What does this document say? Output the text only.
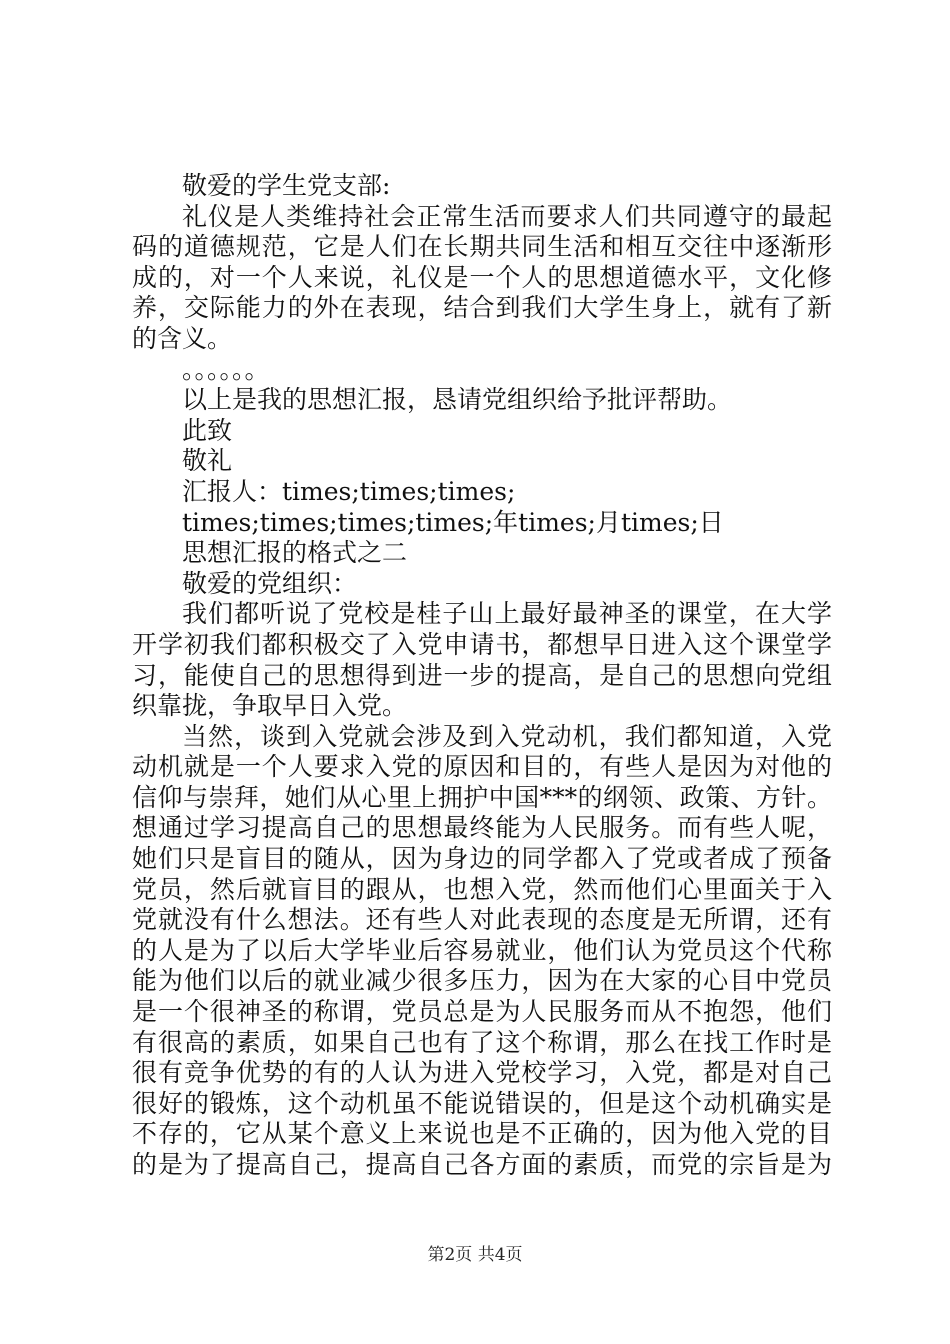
敬爱的学生党支部:
礼仪是人类维持社会正常生活而要求人们共同遵守的最起
码的道德规范，它是人们在长期共同生活和相互交往中逐渐形
成的，对一个人来说，礼仪是一个人的思想道德水平，文化修
养，交际能力的外在表现，结合到我们大学生身上，就有了新
的含义。
。。。。。。
以上是我的思想汇报，恳请党组织给予批评帮助。
此致
敬礼
汇报人：times;times;times;
times;times;times;times;年times;月times;日
思想汇报的格式之二
敬爱的党组织：
我们都听说了党校是桂子山上最好最神圣的课堂，在大学
开学初我们都积极交了入党申请书，都想早日进入这个课堂学
习，能使自己的思想得到进一步的提高，是自己的思想向党组
织靠拢，争取早日入党。
当然，谈到入党就会涉及到入党动机，我们都知道，入党
动机就是一个人要求入党的原因和目的，有些人是因为对他的
信仰与崇拜，她们从心里上拥护中国***的纲领、政策、方针。
想通过学习提高自己的思想最终能为人民服务。而有些人呢，
她们只是盲目的随从，因为身边的同学都入了党或者成了预备
党员，然后就盲目的跟从，也想入党，然而他们心里面关于入
党就没有什么想法。还有些人对此表现的态度是无所谓，还有
的人是为了以后大学毕业后容易就业，他们认为党员这个代称
能为他们以后的就业减少很多压力，因为在大家的心目中党员
是一个很神圣的称谓，党员总是为人民服务而从不抱怨，他们
有很高的素质，如果自己也有了这个称谓，那么在找工作时是
很有竞争优势的有的人认为进入党校学习，入党，都是对自己
很好的锻炼，这个动机虽不能说错误的，但是这个动机确实是
不存的，它从某个意义上来说也是不正确的，因为他入党的目
的是为了提高自己，提高自己各方面的素质，而党的宗旨是为
第2页 共4页
